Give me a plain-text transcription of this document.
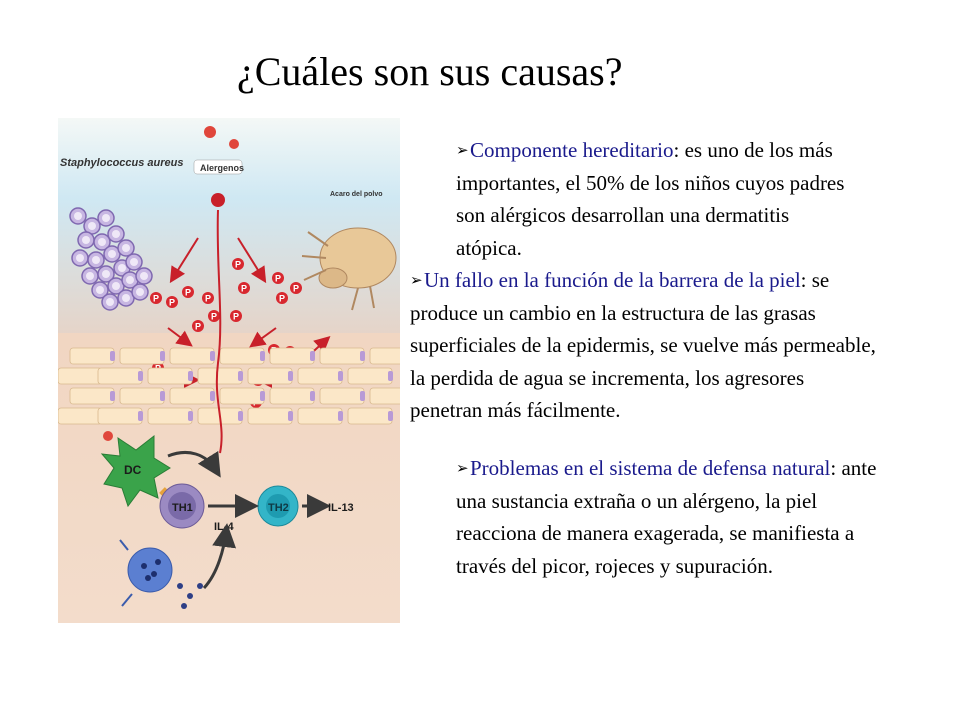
¿Cuáles son sus causas?
Staphylococcus aureus Alergenos
Acaro del polvo
P P
P
P
P
P
P
P
P
P
P
P
DC
TH1	TH2	IL-13
IL-4
➢Componente hereditario: es uno de los más importantes, el 50% de los niños cuyos padres son alérgicos desarrollan una dermatitis atópica.
➢Un fallo en la función de la barrera de la piel: se produce un cambio en la estructura de las grasas superficiales de la epidermis, se vuelve más permeable, la perdida de agua se incrementa, los agresores penetran más fácilmente.
➢Problemas en el sistema de defensa natural: ante una sustancia extraña o un alérgeno, la piel reacciona de manera exagerada, se manifiesta a través del picor, rojeces y supuración.
